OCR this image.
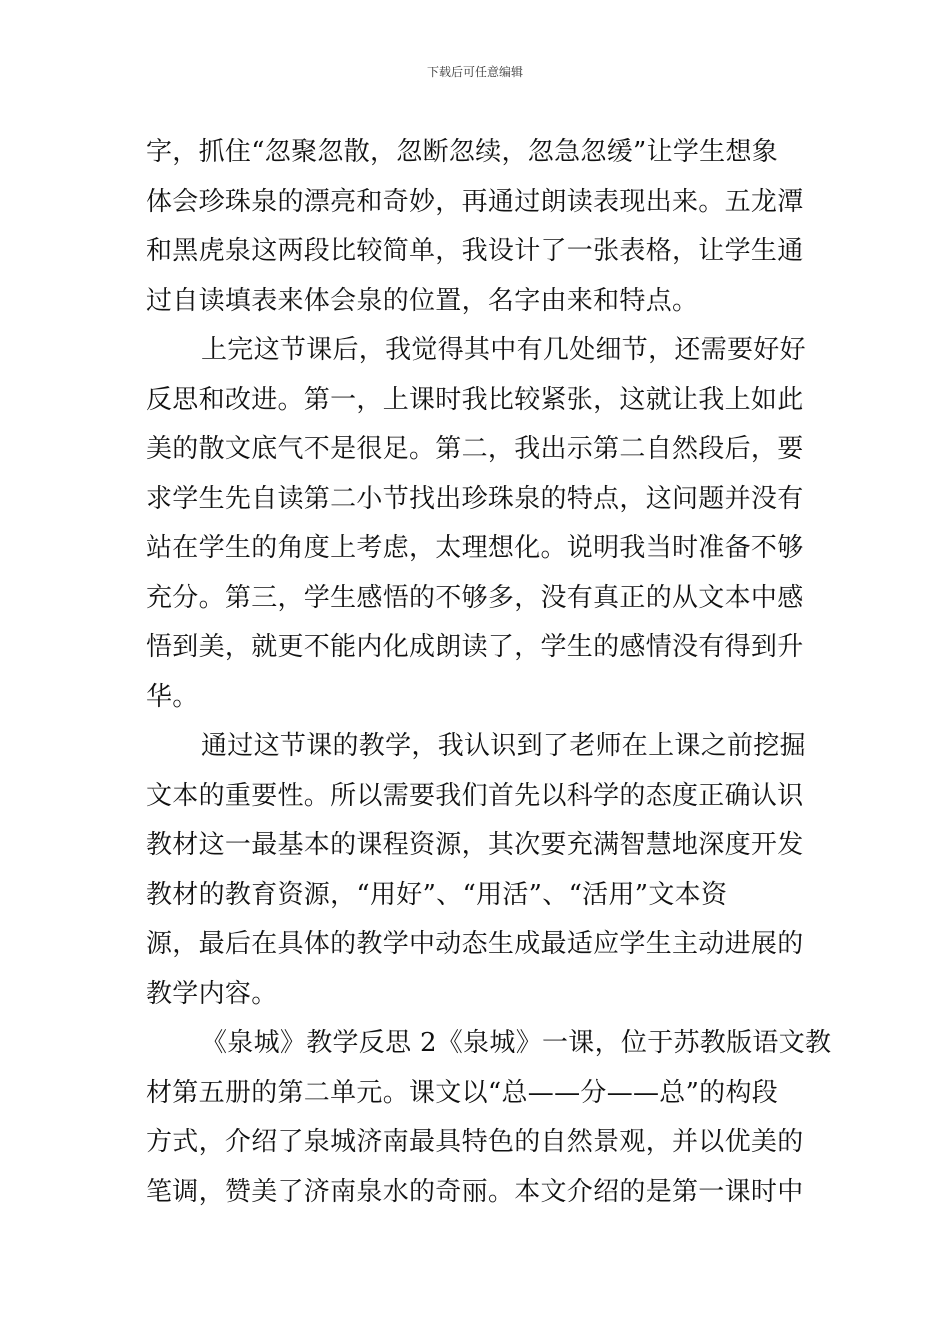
下载后可任意编辑
字，抓住“忽聚忽散，忽断忽续，忽急忽缓”让学生想象
体会珍珠泉的漂亮和奇妙，再通过朗读表现出来。五龙潭
和黑虎泉这两段比较简单，我设计了一张表格，让学生通
过自读填表来体会泉的位置，名字由来和特点。
上完这节课后，我觉得其中有几处细节，还需要好好
反思和改进。第一，上课时我比较紧张，这就让我上如此
美的散文底气不是很足。第二，我出示第二自然段后，要
求学生先自读第二小节找出珍珠泉的特点，这问题并没有
站在学生的角度上考虑，太理想化。说明我当时准备不够
充分。第三，学生感悟的不够多，没有真正的从文本中感
悟到美，就更不能内化成朗读了，学生的感情没有得到升
华。
通过这节课的教学，我认识到了老师在上课之前挖掘
文本的重要性。所以需要我们首先以科学的态度正确认识
教材这一最基本的课程资源，其次要充满智慧地深度开发
教材的教育资源，“用好”、“用活”、“活用”文本资
源，最后在具体的教学中动态生成最适应学生主动进展的
教学内容。
《泉城》教学反思 2《泉城》一课，位于苏教版语文教
材第五册的第二单元。课文以“总——分——总”的构段
方式，介绍了泉城济南最具特色的自然景观，并以优美的
笔调，赞美了济南泉水的奇丽。本文介绍的是第一课时中
